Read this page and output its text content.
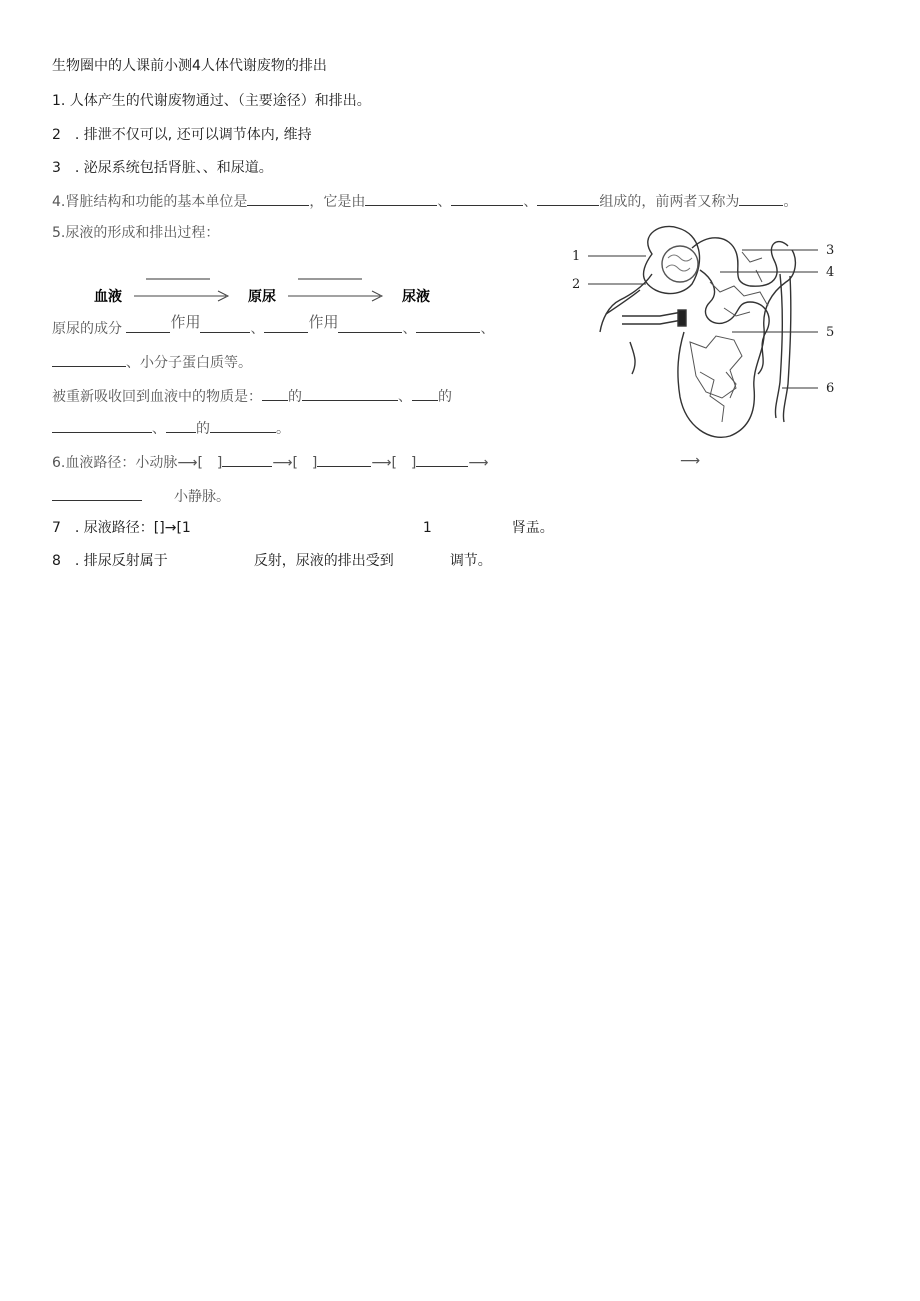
生物圈中的人课前小测4人体代谢废物的排出
1. 人体产生的代谢废物通过、（主要途径）和排出。
2　. 排泄不仅可以, 还可以调节体内, 维持
3　. 泌尿系统包括肾脏、、和尿道。
4.肾脏结构和功能的基本单位是	，它是由	、	、	组成的，前两者又称为	。
5.尿液的形成和排出过程：
血液	原尿	尿液
原尿的成分	作用	、	作用	、	、
、小分子蛋白质等。
被重新吸收回到血液中的物质是： 的	、 的
、 的	。
6.血液路径：小动脉⟶[　]	⟶[　]	⟶[　]	⟶	⟶
小静脉。
7　. 尿液路径：[]→[1	1	肾盂。
8　. 排尿反射属于	反射，尿液的排出受到	调节。
1
2
3
4
5
6
